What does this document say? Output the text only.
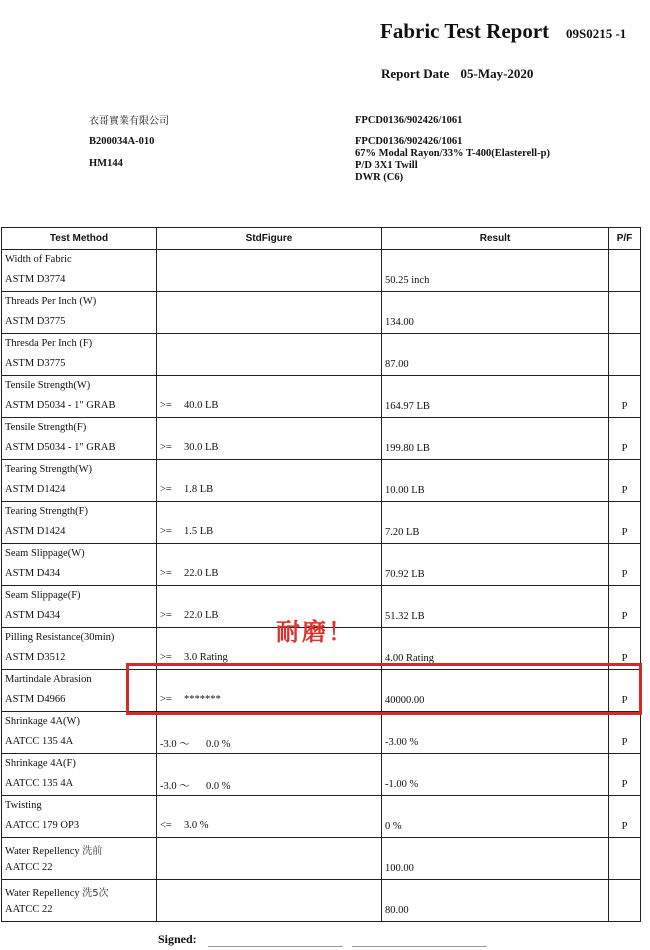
Fabric Test Report 09S0215 -1
Report Date 05-May-2020
衣哥實業有限公司
B200034A-010
HM144
FPCD0136/902426/1061
FPCD0136/902426/1061
67% Modal Rayon/33% T-400(Elasterell-p)
P/D 3X1 Twill
DWR (C6)
Test Method	StdFigure	Result	P/F

Width of Fabric
ASTM D3774		50.25 inch	

Threads Per Inch (W)
ASTM D3775		134.00	

Thresda Per Inch (F)
ASTM D3775		87.00	

Tensile Strength(W)
ASTM D5034 - 1" GRAB	>= 40.0 LB	164.97 LB	P

Tensile Strength(F)
ASTM D5034 - 1" GRAB	>= 30.0 LB	199.80 LB	P

Tearing Strength(W)
ASTM D1424	>= 1.8 LB	10.00 LB	P

Tearing Strength(F)
ASTM D1424	>= 1.5 LB	7.20 LB	P

Seam Slippage(W)
ASTM D434	>= 22.0 LB	70.92 LB	P

Seam Slippage(F)
ASTM D434	>= 22.0 LB	51.32 LB	P

Pilling Resistance(30min)
ASTM D3512	>= 3.0 Rating	4.00 Rating	P

Martindale Abrasion
ASTM D4966	>= *******	40000.00	P

Shrinkage 4A(W)
AATCC 135 4A	-3.0 ～ 0.0 %	-3.00 %	P

Shrinkage 4A(F)
AATCC 135 4A	-3.0 ～ 0.0 %	-1.00 %	P

Twisting
AATCC 179 OP3	<= 3.0 %	0 %	P

Water Repellency 洗前
AATCC 22		100.00	

Water Repellency 洗5次
AATCC 22		80.00	

耐磨！
Signed:
